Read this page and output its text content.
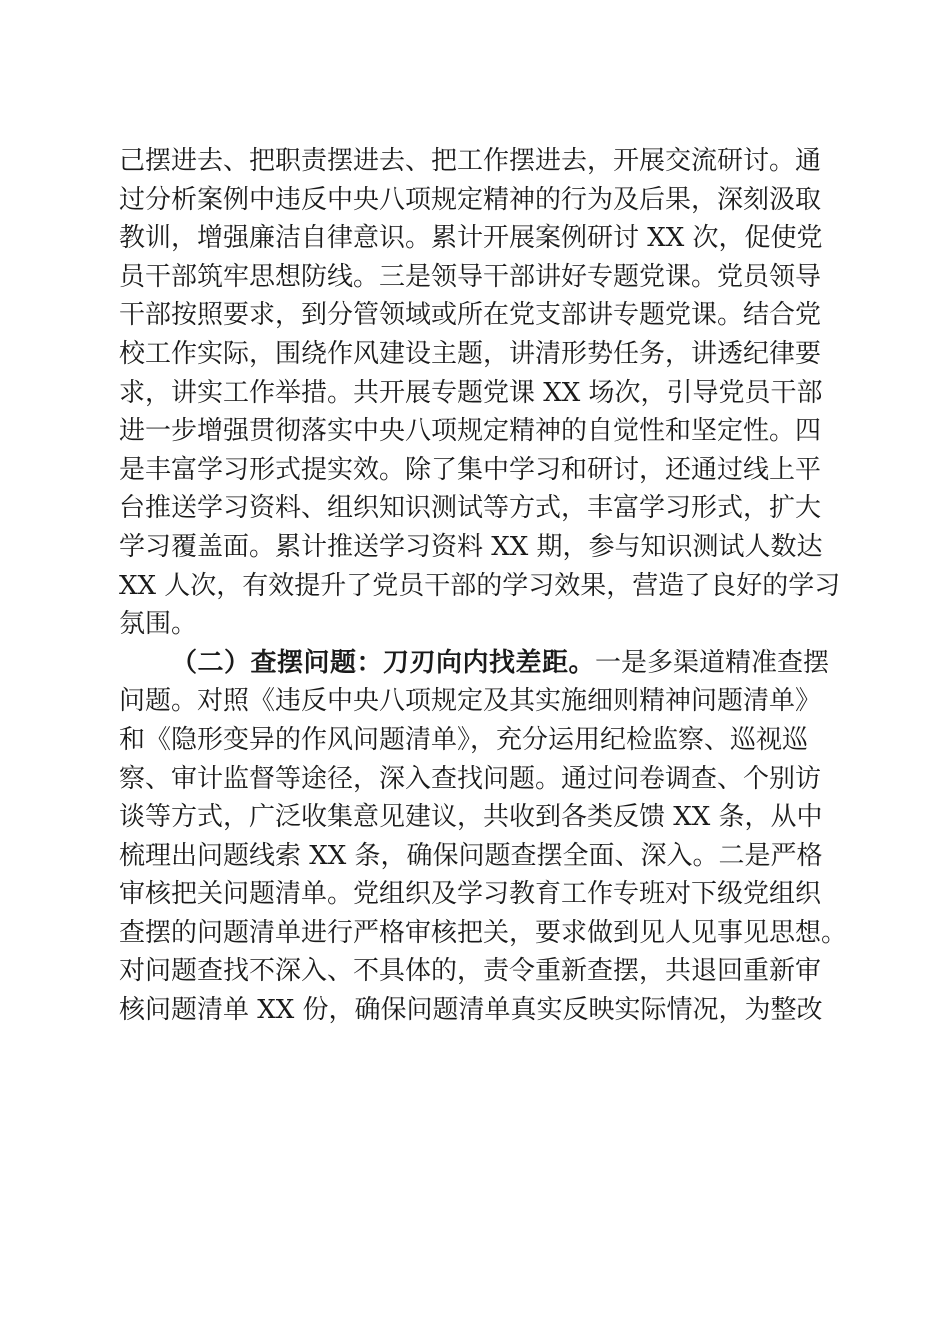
己摆进去、把职责摆进去、把工作摆进去，开展交流研讨。通
过分析案例中违反中央八项规定精神的行为及后果，深刻汲取
教训，增强廉洁自律意识。累计开展案例研讨 XX 次，促使党
员干部筑牢思想防线。三是领导干部讲好专题党课。党员领导
干部按照要求，到分管领域或所在党支部讲专题党课。结合党
校工作实际，围绕作风建设主题，讲清形势任务，讲透纪律要
求，讲实工作举措。共开展专题党课 XX 场次，引导党员干部
进一步增强贯彻落实中央八项规定精神的自觉性和坚定性。四
是丰富学习形式提实效。除了集中学习和研讨，还通过线上平
台推送学习资料、组织知识测试等方式，丰富学习形式，扩大
学习覆盖面。累计推送学习资料 XX 期，参与知识测试人数达
XX 人次，有效提升了党员干部的学习效果，营造了良好的学习
氛围。
（二）查摆问题：刀刃向内找差距。一是多渠道精准查摆
问题。对照《违反中央八项规定及其实施细则精神问题清单》
和《隐形变异的作风问题清单》，充分运用纪检监察、巡视巡
察、审计监督等途径，深入查找问题。通过问卷调查、个别访
谈等方式，广泛收集意见建议，共收到各类反馈 XX 条，从中
梳理出问题线索 XX 条，确保问题查摆全面、深入。二是严格
审核把关问题清单。党组织及学习教育工作专班对下级党组织
查摆的问题清单进行严格审核把关，要求做到见人见事见思想。
对问题查找不深入、不具体的，责令重新查摆，共退回重新审
核问题清单 XX 份，确保问题清单真实反映实际情况，为整改
